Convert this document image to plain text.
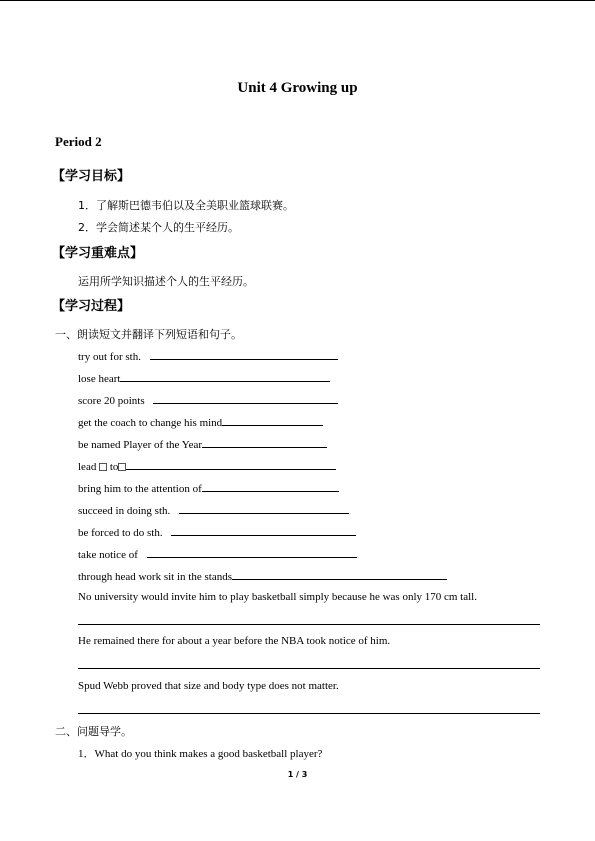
Unit 4 Growing up
Period 2
【学习目标】
1．了解斯巴德韦伯以及全美职业篮球联赛。
2．学会简述某个人的生平经历。
【学习重难点】
运用所学知识描述个人的生平经历。
【学习过程】
一、朗读短文并翻译下列短语和句子。
try out for sth.
lose heart
score 20 points
get the coach to change his mind
be named Player of the Year
lead to
bring him to the attention of
succeed in doing sth.
be forced to do sth.
take notice of
through head work sit in the stands
No university would invite him to play basketball simply because he was only 170 cm tall.
He remained there for about a year before the NBA took notice of him.
Spud Webb proved that size and body type does not matter.
二、问题导学。
1．What do you think makes a good basketball player?
1 / 3
